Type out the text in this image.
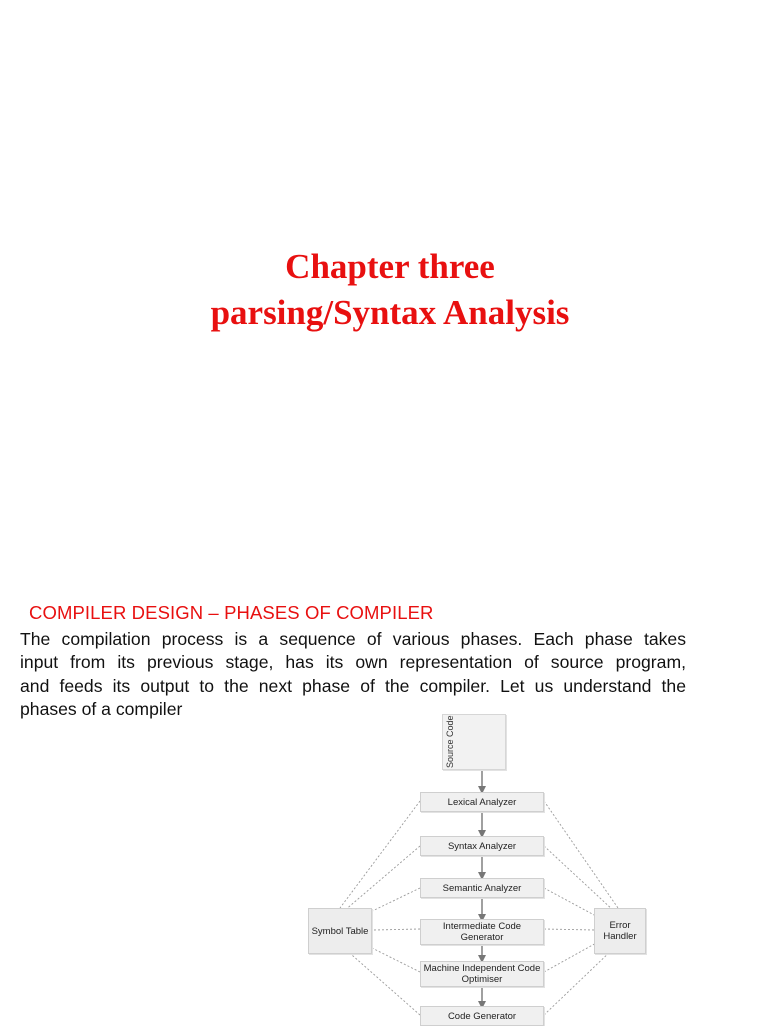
Chapter three
parsing/Syntax Analysis
COMPILER DESIGN – PHASES OF COMPILER
The compilation process is a sequence of various phases. Each phase takes
input from its previous stage, has its own representation of source program,
and feeds its output to the next phase of the compiler. Let us understand the
phases of a compiler
Source Code
Lexical Analyzer
Syntax Analyzer
Semantic Analyzer
Intermediate Code Generator
Machine Independent Code Optimiser
Code Generator
Symbol Table	Error Handler
